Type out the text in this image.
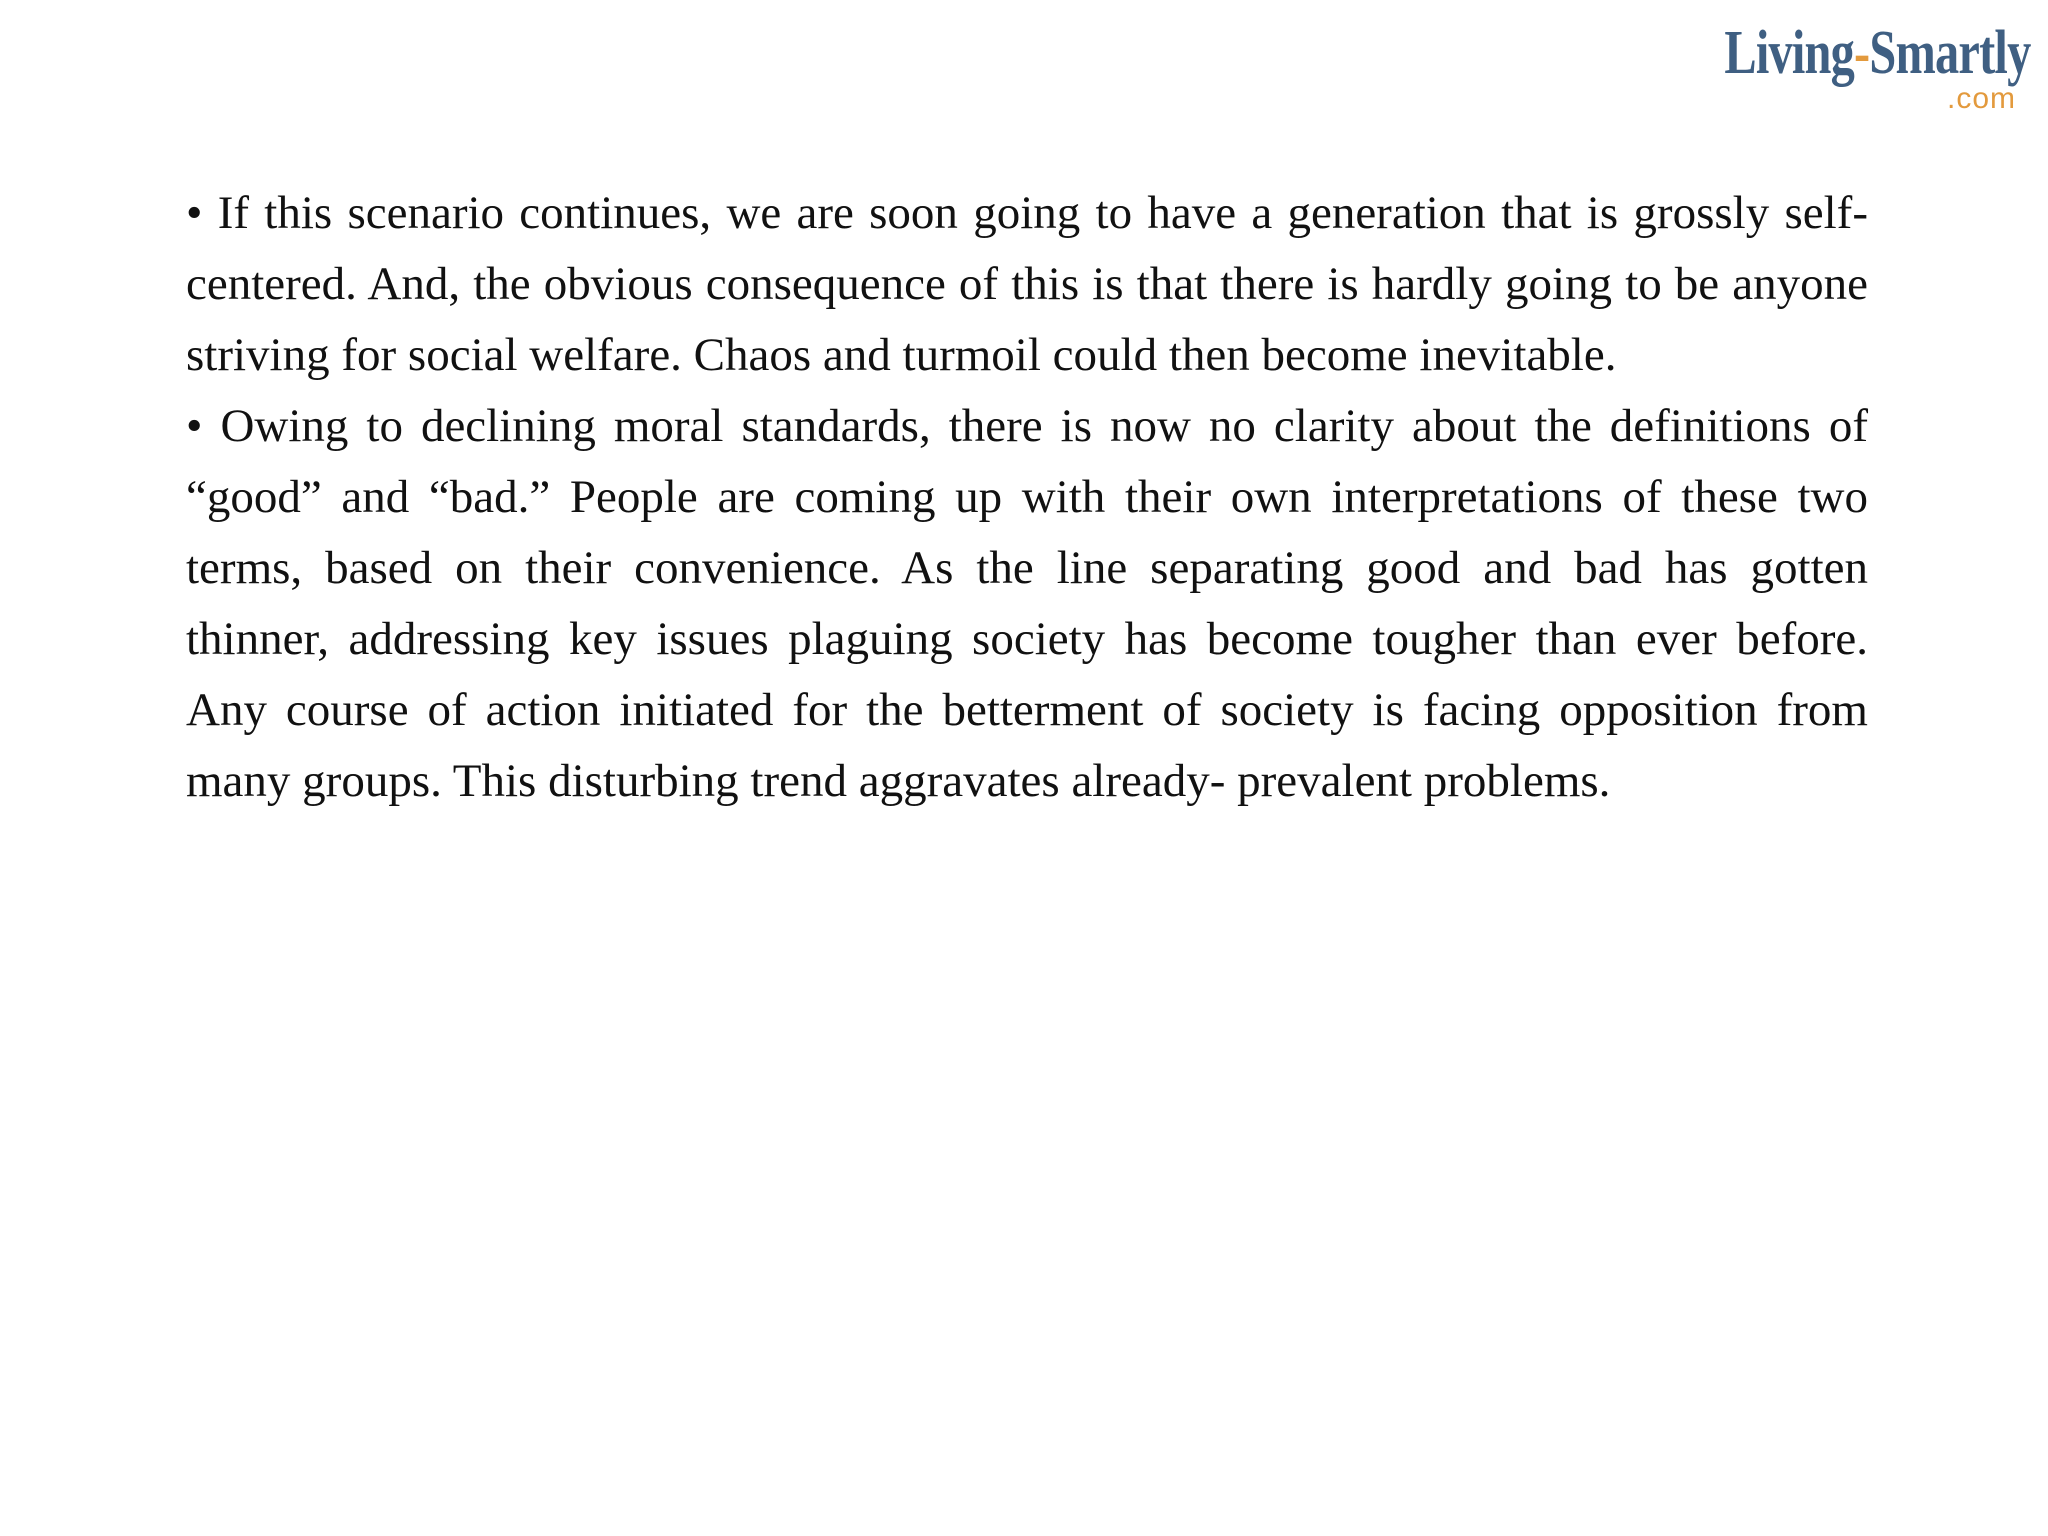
Living-Smartly
.com

• If this scenario continues, we are soon going to have a generation that is grossly self-centered. And, the obvious consequence of this is that there is hardly going to be anyone striving for social welfare. Chaos and turmoil could then become inevitable.

• Owing to declining moral standards, there is now no clarity about the definitions of “good” and “bad.” People are coming up with their own interpretations of these two terms, based on their convenience. As the line separating good and bad has gotten thinner, addressing key issues plaguing society has become tougher than ever before. Any course of action initiated for the betterment of society is facing opposition from many groups. This disturbing trend aggravates already- prevalent problems.
